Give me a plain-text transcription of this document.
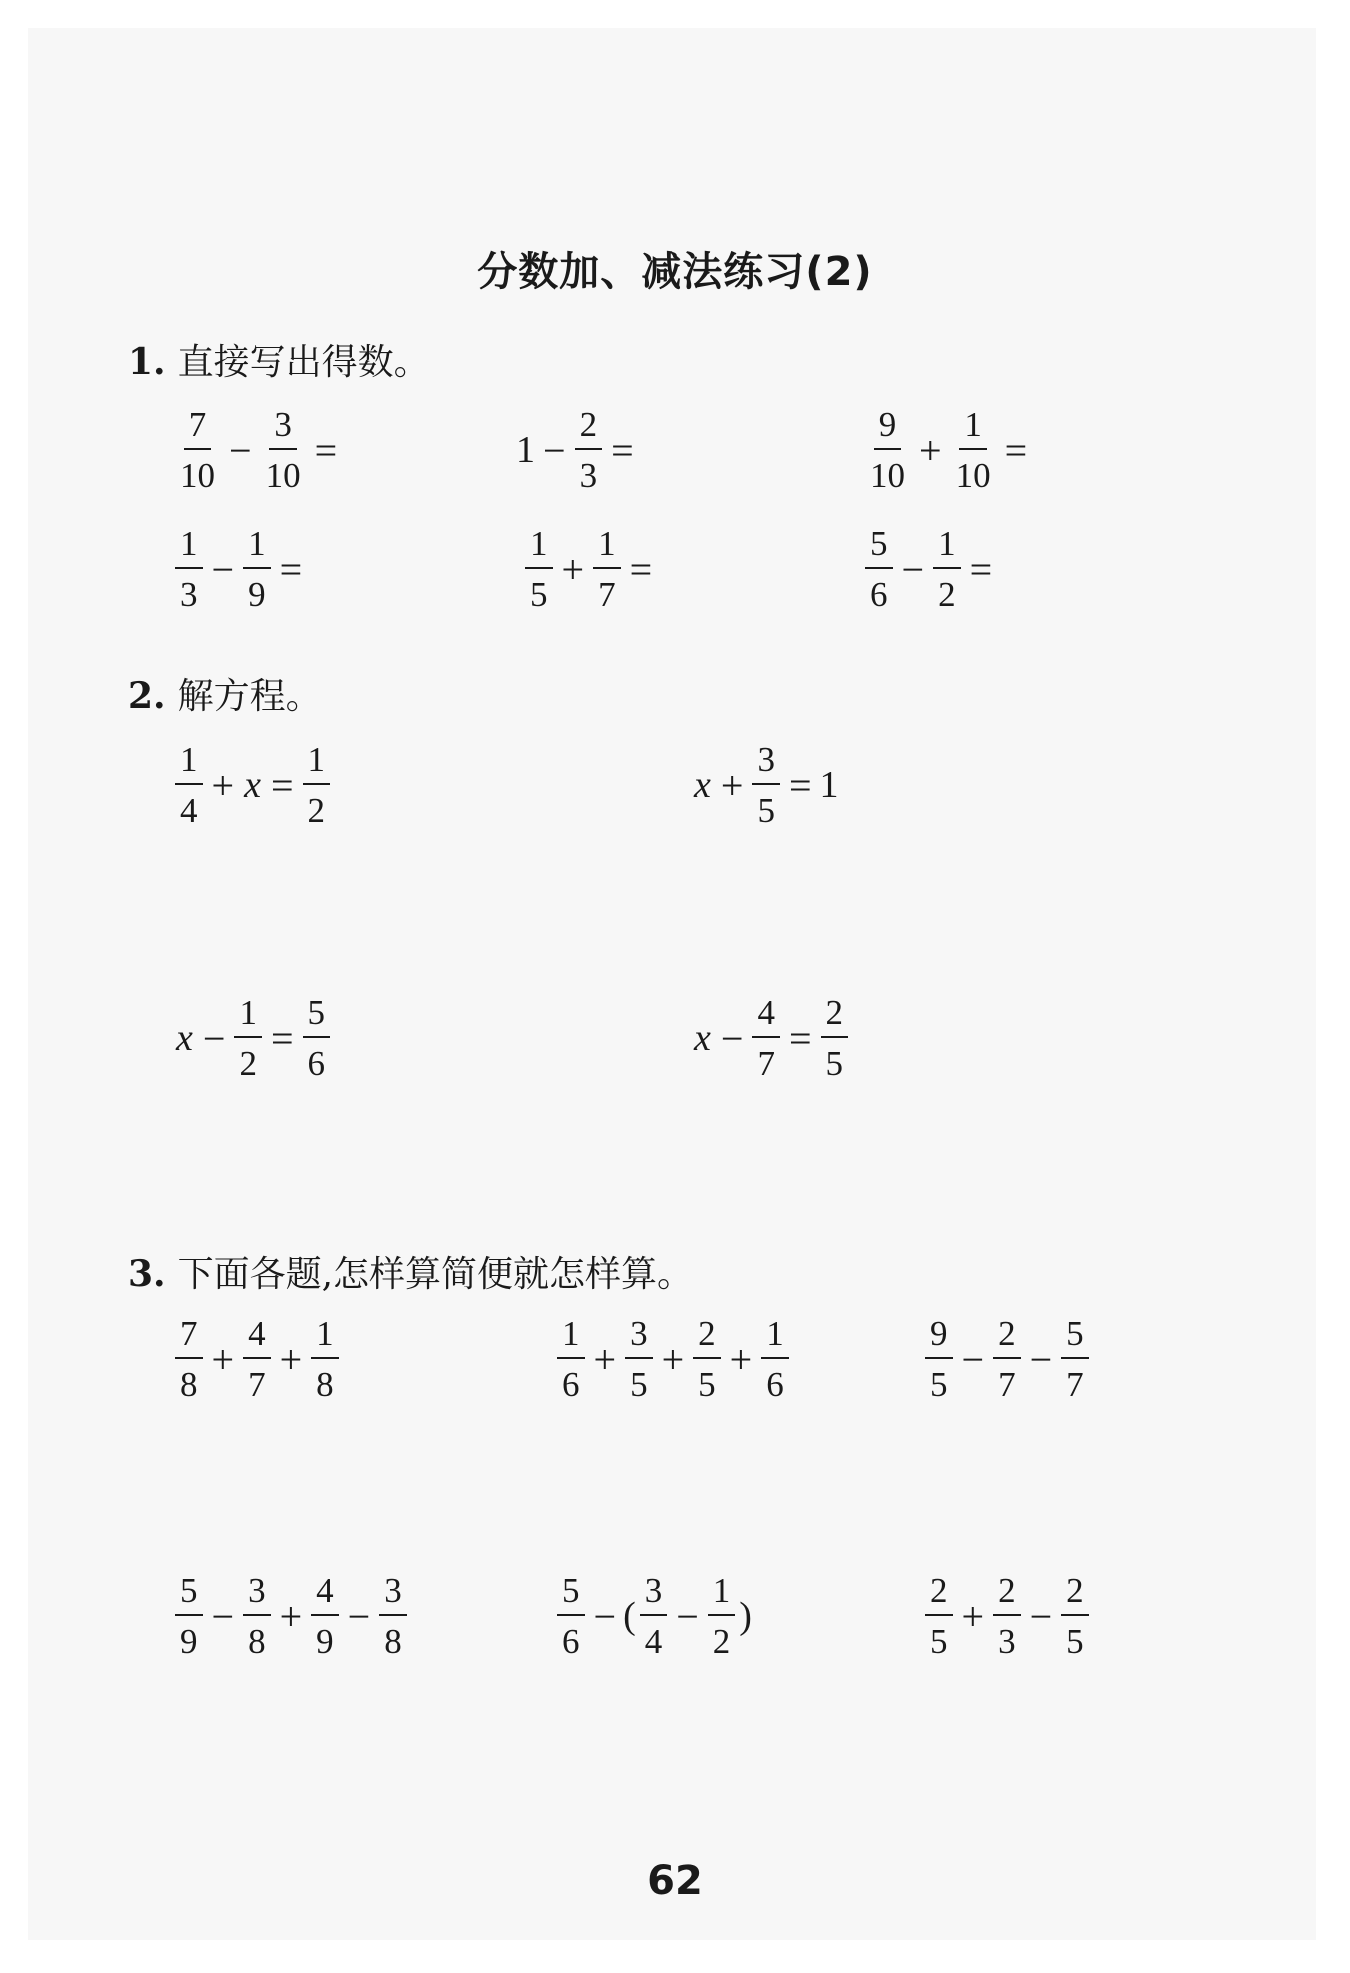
分数加、减法练习(2)
1. 直接写出得数。
2. 解方程。
3. 下面各题,怎样算简便就怎样算。
$\frac{7}{10} - \frac{3}{10}$ =	$1 - \frac{2}{3}$ =	$\frac{9}{10} + \frac{1}{10}$ =
$\frac{1}{3} - \frac{1}{9}$ =	$\frac{1}{5} + \frac{1}{7}$ =	$\frac{5}{6} - \frac{1}{2}$ =
$\frac{1}{4} + x = \frac{1}{2}$	$x + \frac{3}{5} = 1$
$x - \frac{1}{2} = \frac{5}{6}$	$x - \frac{4}{7} = \frac{2}{5}$
$\frac{7}{8} + \frac{4}{7} + \frac{1}{8}$	$\frac{1}{6} + \frac{3}{5} + \frac{2}{5} + \frac{1}{6}$	$\frac{9}{5} - \frac{2}{7} - \frac{5}{7}$
$\frac{5}{9} - \frac{3}{8} + \frac{4}{9} - \frac{3}{8}$	$\frac{5}{6}$ − ( $\frac{3}{4} - \frac{1}{2}$ )	$\frac{2}{5} + \frac{2}{3} - \frac{2}{5}$
62
